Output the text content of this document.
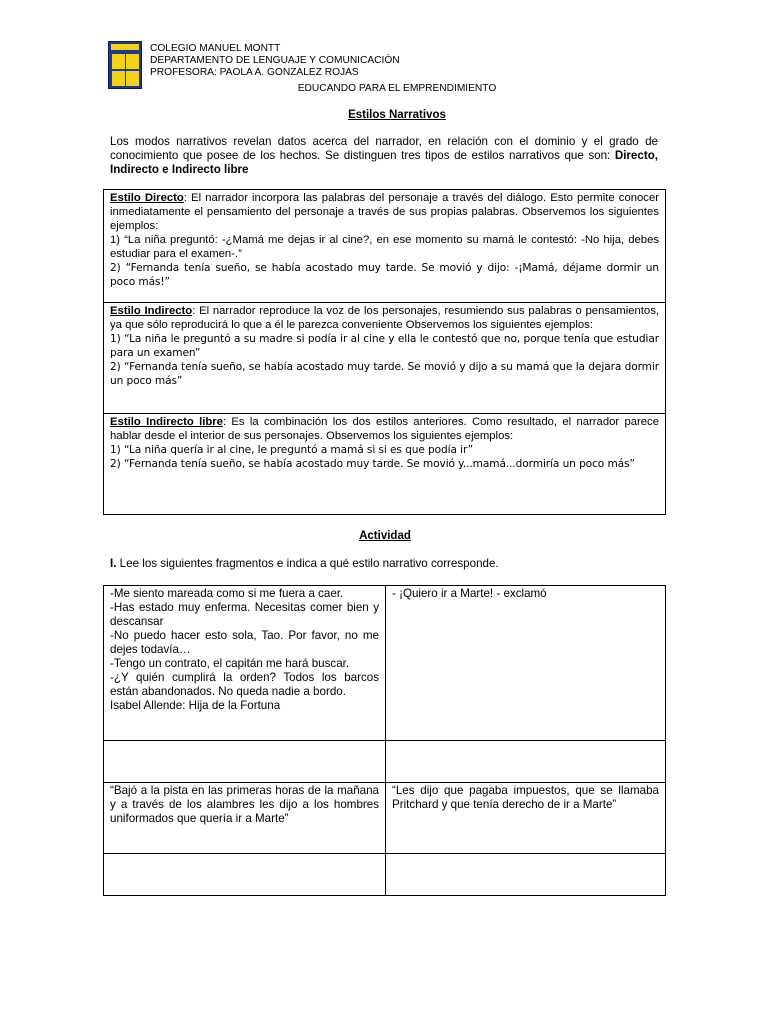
COLEGIO MANUEL MONTT
DEPARTAMENTO DE LENGUAJE Y COMUNICACIÓN
PROFESORA: PAOLA A. GONZALEZ ROJAS
EDUCANDO PARA EL EMPRENDIMIENTO
Estilos Narrativos
Los modos narrativos revelan datos acerca del narrador, en relación con el dominio y el grado de conocimiento que posee de los hechos. Se distinguen tres tipos de estilos narrativos que son: Directo, Indirecto e Indirecto libre
Estilo Directo: El narrador incorpora las palabras del personaje a través del diálogo. Esto permite conocer inmediatamente el pensamiento del personaje a través de sus propias palabras. Observemos los siguientes ejemplos:
1) “La niña preguntó: -¿Mamá me dejas ir al cine?, en ese momento su mamá le contestó: -No hija, debes estudiar para el examen-.”
2) “Fernanda tenía sueño, se había acostado muy tarde. Se movió y dijo: -¡Mamá, déjame dormir un poco más!”
Estilo Indirecto: El narrador reproduce la voz de los personajes, resumiendo sus palabras o pensamientos, ya que sólo reproducirá lo que a él le parezca conveniente Observemos los siguientes ejemplos:
1) “La niña le preguntó a su madre si podía ir al cine y ella le contestó que no, porque tenía que estudiar para un examen”
2) “Fernanda tenía sueño, se había acostado muy tarde. Se movió y dijo a su mamá que la dejara dormir un poco más”
Estilo Indirecto libre: Es la combinación los dos estilos anteriores. Como resultado, el narrador parece hablar desde el interior de sus personajes. Observemos los siguientes ejemplos:
1) “La niña quería ir al cine, le preguntó a mamá si si es que podía ir”
2) “Fernanda tenía sueño, se había acostado muy tarde. Se movió y...mamá...dormiría un poco más”
Actividad
I. Lee los siguientes fragmentos e indica a qué estilo narrativo corresponde.
-Me siento mareada como si me fuera a caer.
-Has estado muy enferma. Necesitas comer bien y descansar
-No puedo hacer esto sola, Tao. Por favor, no me dejes todavía…
-Tengo un contrato, el capitán me hará buscar.
-¿Y quién cumplirá la orden? Todos los barcos están abandonados. No queda nadie a bordo.
Isabel Allende: Hija de la Fortuna
- ¡Quiero ir a Marte! - exclamó
“Bajó a la pista en las primeras horas de la mañana y a través de los alambres les dijo a los hombres uniformados que quería ir a Marte”
“Les dijo que pagaba impuestos, que se llamaba Pritchard y que tenía derecho de ir a Marte”
